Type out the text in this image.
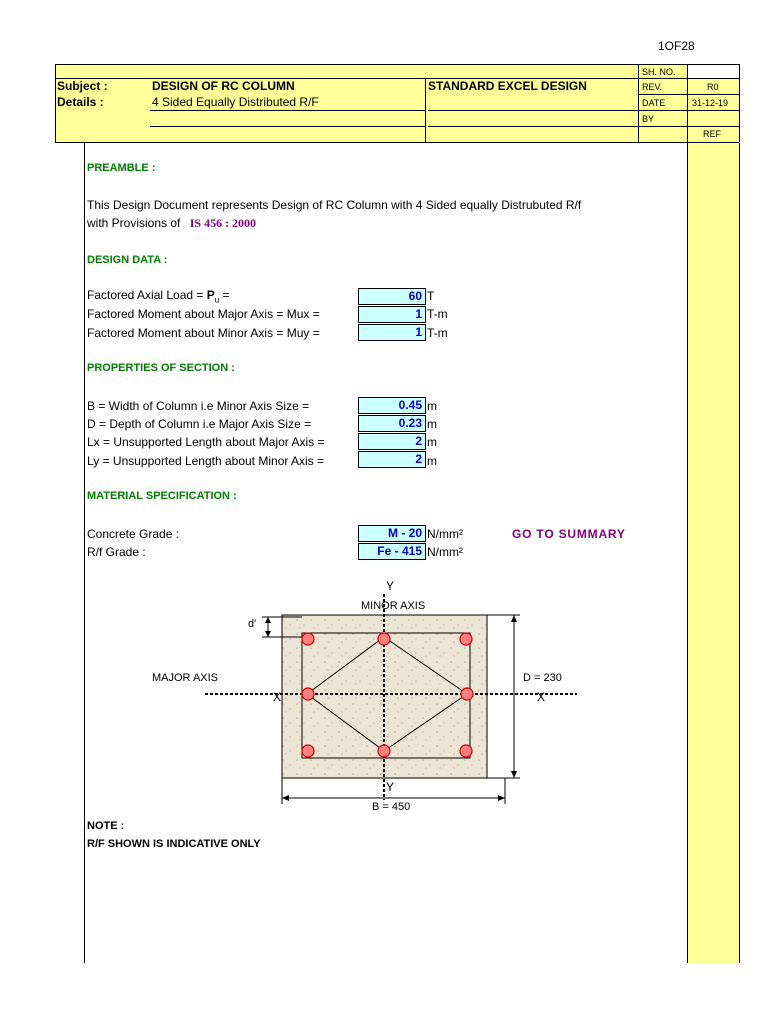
1OF28
Subject :	DESIGN OF RC COLUMN
Details :	4 Sided Equally Distributed R/F
STANDARD EXCEL DESIGN
SH. NO.
REV.	R0
DATE	31-12-19
BY
REF
PREAMBLE :
This Design Document represents Design of RC Column with 4 Sided equally Distrubuted R/f
with Provisions of IS 456 : 2000
DESIGN DATA :
Factored Axial Load = $P_u$ =	60 T
Factored Moment about Major Axis = Mux =	1 T-m
Factored Moment about Minor Axis = Muy =	1 T-m
PROPERTIES OF SECTION :
B = Width of Column i.e Minor Axis Size =	0.45 m
D = Depth of Column i.e Major Axis Size =	0.23 m
Lx = Unsupported Length about Major Axis =	2 m
Ly = Unsupported Length about Minor Axis =	2 m
MATERIAL SPECIFICATION :
Concrete Grade :	M - 20 N/mm²
R/f Grade :	Fe - 415 N/mm²
GO TO SUMMARY
Y
MINOR AXIS
MAJOR AXIS
X	X
d'
D = 230
Y
B = 450
NOTE :
R/F SHOWN IS INDICATIVE ONLY
